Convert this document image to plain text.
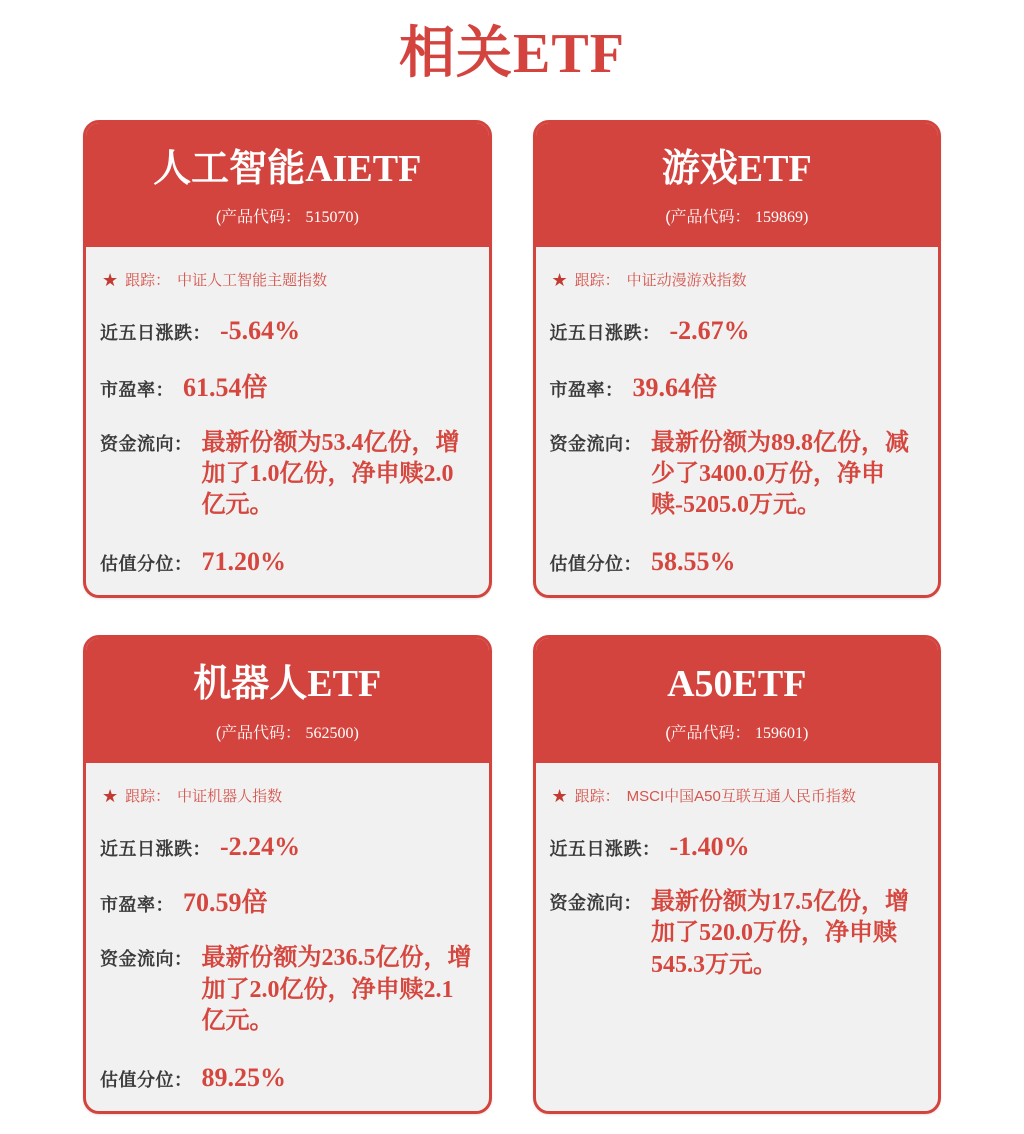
相关ETF
人工智能AIETF
(产品代码： 515070)
★ 跟踪： 中证人工智能主题指数
近五日涨跌： -5.64%
市盈率： 61.54倍
资金流向： 最新份额为53.4亿份，增加了1.0亿份，净申赎2.0亿元。
估值分位： 71.20%
游戏ETF
(产品代码： 159869)
★ 跟踪： 中证动漫游戏指数
近五日涨跌： -2.67%
市盈率： 39.64倍
资金流向： 最新份额为89.8亿份，减少了3400.0万份，净申赎-5205.0万元。
估值分位： 58.55%
机器人ETF
(产品代码： 562500)
★ 跟踪： 中证机器人指数
近五日涨跌： -2.24%
市盈率： 70.59倍
资金流向： 最新份额为236.5亿份，增加了2.0亿份，净申赎2.1亿元。
估值分位： 89.25%
A50ETF
(产品代码： 159601)
★ 跟踪： MSCI中国A50互联互通人民币指数
近五日涨跌： -1.40%
资金流向： 最新份额为17.5亿份，增加了520.0万份，净申赎545.3万元。
